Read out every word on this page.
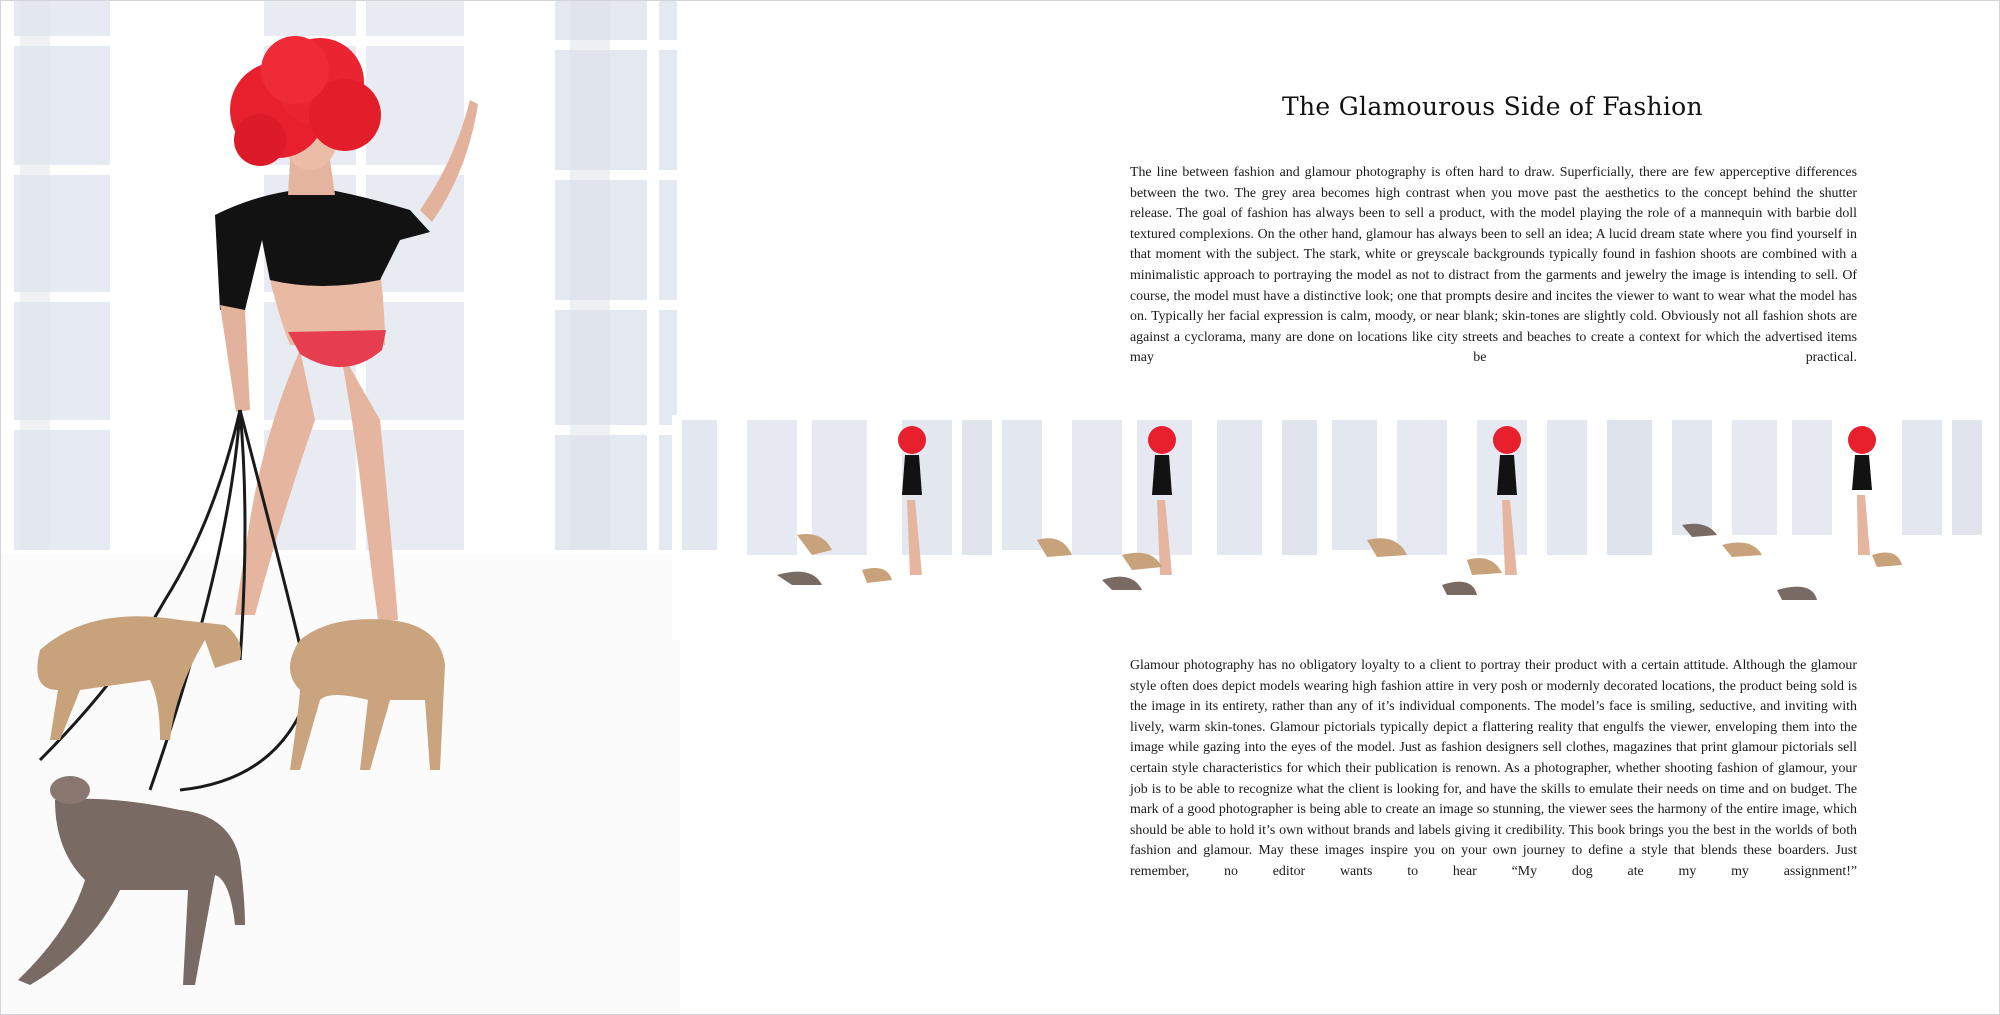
The Glamourous Side of Fashion

The line between fashion and glamour photography is often hard to draw. Superficially, there are few apperceptive differences between the two. The grey area becomes high contrast when you move past the aesthetics to the concept behind the shutter release. The goal of fashion has always been to sell a product, with the model playing the role of a mannequin with barbie doll textured complexions. On the other hand, glamour has always been to sell an idea; A lucid dream state where you find yourself in that moment with the subject. The stark, white or greyscale backgrounds typically found in fashion shoots are combined with a minimalistic approach to portraying the model as not to distract from the garments and jewelry the image is intending to sell. Of course, the model must have a distinctive look; one that prompts desire and incites the viewer to want to wear what the model has on. Typically her facial expression is calm, moody, or near blank; skin-tones are slightly cold. Obviously not all fashion shots are against a cyclorama, many are done on locations like city streets and beaches to create a context for which the advertised items may be practical.

Glamour photography has no obligatory loyalty to a client to portray their product with a certain attitude. Although the glamour style often does depict models wearing high fashion attire in very posh or modernly decorated locations, the product being sold is the image in its entirety, rather than any of it’s individual components. The model’s face is smiling, seductive, and inviting with lively, warm skin-tones. Glamour pictorials typically depict a flattering reality that engulfs the viewer, enveloping them into the image while gazing into the eyes of the model. Just as fashion designers sell clothes, magazines that print glamour pictorials sell certain style characteristics for which their publication is renown. As a photographer, whether shooting fashion of glamour, your job is to be able to recognize what the client is looking for, and have the skills to emulate their needs on time and on budget. The mark of a good photographer is being able to create an image so stunning, the viewer sees the harmony of the entire image, which should be able to hold it’s own without brands and labels giving it credibility. This book brings you the best in the worlds of both fashion and glamour. May these images inspire you on your own journey to define a style that blends these boarders. Just remember, no editor wants to hear “My dog ate my my assignment!”
